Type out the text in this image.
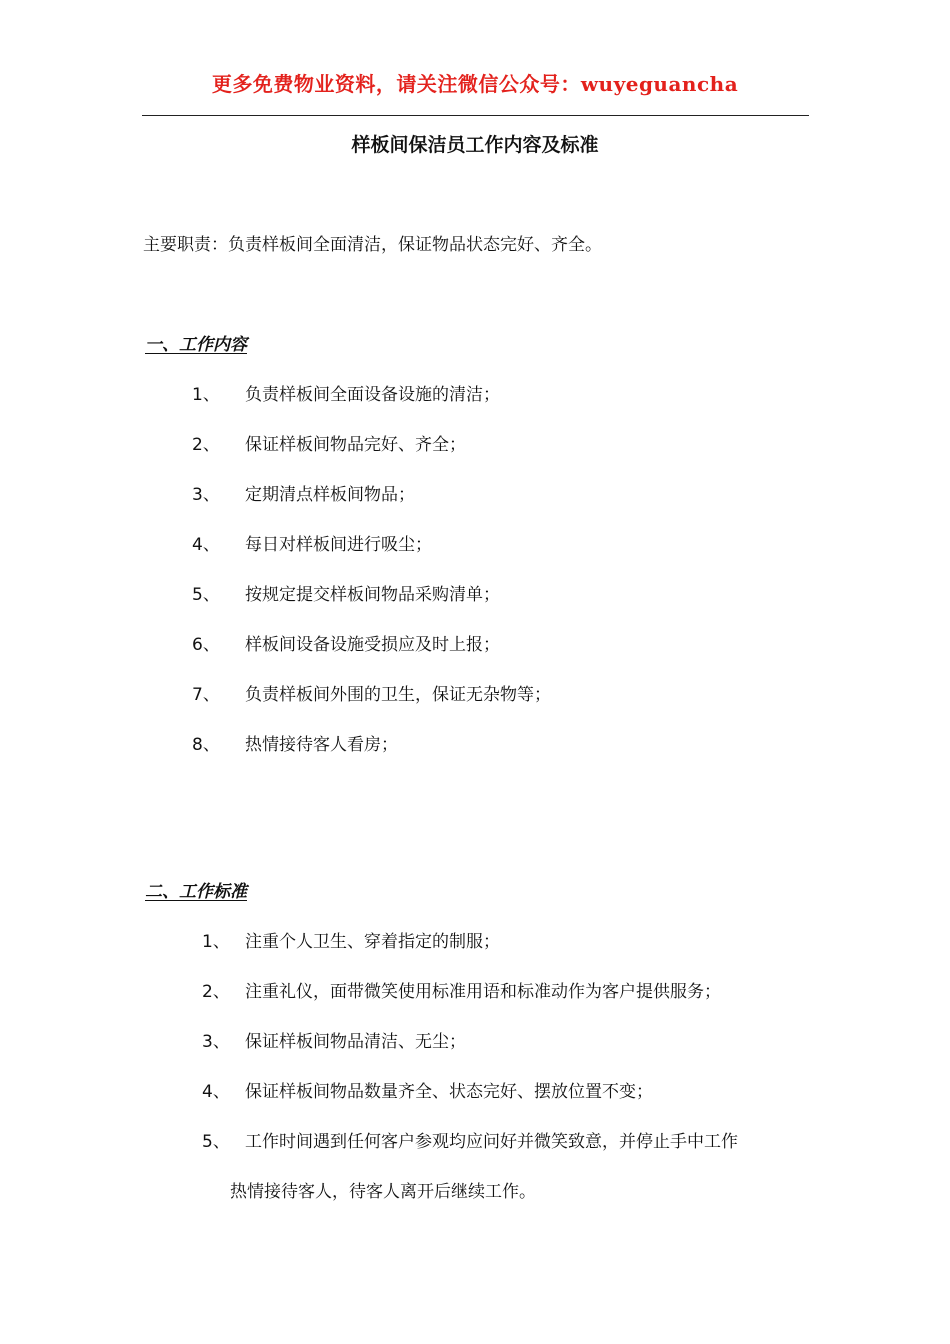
更多免费物业资料，请关注微信公众号：wuyeguancha
样板间保洁员工作内容及标准
主要职责：负责样板间全面清洁，保证物品状态完好、齐全。
一、工作内容
1、 负责样板间全面设备设施的清洁；
2、 保证样板间物品完好、齐全；
3、 定期清点样板间物品；
4、 每日对样板间进行吸尘；
5、 按规定提交样板间物品采购清单；
6、 样板间设备设施受损应及时上报；
7、 负责样板间外围的卫生，保证无杂物等；
8、 热情接待客人看房；
二、工作标准
1、 注重个人卫生、穿着指定的制服；
2、 注重礼仪，面带微笑使用标准用语和标准动作为客户提供服务；
3、 保证样板间物品清洁、无尘；
4、 保证样板间物品数量齐全、状态完好、摆放位置不变；
5、 工作时间遇到任何客户参观均应问好并微笑致意，并停止手中工作
热情接待客人，待客人离开后继续工作。
